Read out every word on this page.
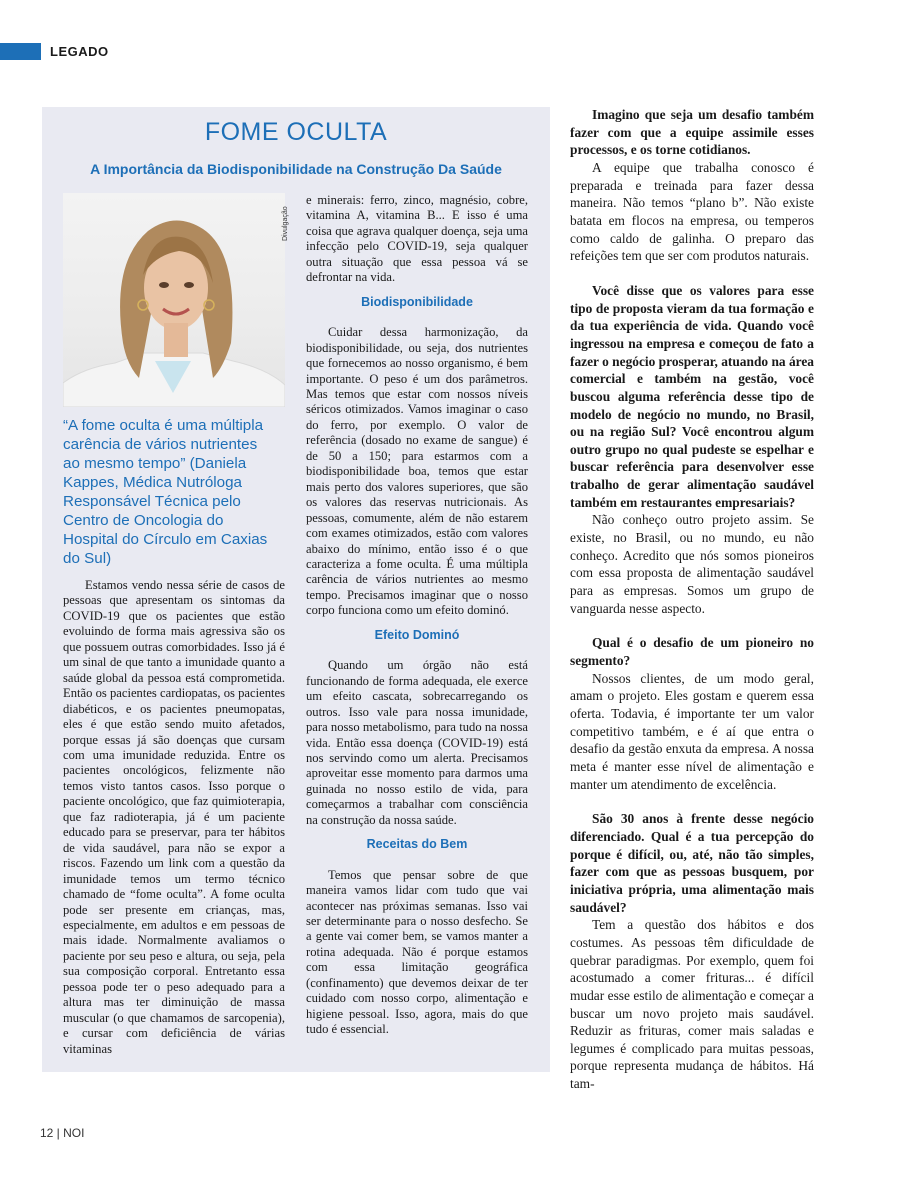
LEGADO
FOME OCULTA
A Importância da Biodisponibilidade na Construção Da Saúde
Divulgação
“A fome oculta é uma múltipla carência de vários nutrientes ao mesmo tempo” (Daniela Kappes, Médica Nutróloga Responsável Técnica pelo Centro de Oncologia do Hospital do Círculo em Caxias do Sul)

Estamos vendo nessa série de casos de pessoas que apresentam os sintomas da COVID-19 que os pacientes que estão evoluindo de forma mais agressiva são os que possuem outras comorbidades. Isso já é um sinal de que tanto a imunidade quanto a saúde global da pessoa está comprometida. Então os pacientes cardiopatas, os pacientes diabéticos, e os pacientes pneumopatas, eles é que estão sendo muito afetados, porque essas já são doenças que cursam com uma imunidade reduzida. Entre os pacientes oncológicos, felizmente não temos visto tantos casos. Isso porque o paciente oncológico, que faz quimioterapia, que faz radioterapia, já é um paciente educado para se preservar, para ter hábitos de vida saudável, para não se expor a riscos. Fazendo um link com a questão da imunidade temos um termo técnico chamado de “fome oculta”. A fome oculta pode ser presente em crianças, mas, especialmente, em adultos e em pessoas de mais idade. Normalmente avaliamos o paciente por seu peso e altura, ou seja, pela sua composição corporal. Entretanto essa pessoa pode ter o peso adequado para a altura mas ter diminuição de massa muscular (o que chamamos de sarcopenia), e cursar com deficiência de várias vitaminas

e minerais: ferro, zinco, magnésio, cobre, vitamina A, vitamina B... E isso é uma coisa que agrava qualquer doença, seja uma infecção pelo COVID-19, seja qualquer outra situação que essa pessoa vá se defrontar na vida.

Biodisponibilidade

Cuidar dessa harmonização, da biodisponibilidade, ou seja, dos nutrientes que fornecemos ao nosso organismo, é bem importante. O peso é um dos parâmetros. Mas temos que estar com nossos níveis séricos otimizados. Vamos imaginar o caso do ferro, por exemplo. O valor de referência (dosado no exame de sangue) é de 50 a 150; para estarmos com a biodisponibilidade boa, temos que estar mais perto dos valores superiores, que são os valores das reservas nutricionais. As pessoas, comumente, além de não estarem com exames otimizados, estão com valores abaixo do mínimo, então isso é o que caracteriza a fome oculta. É uma múltipla carência de vários nutrientes ao mesmo tempo. Precisamos imaginar que o nosso corpo funciona como um efeito dominó.

Efeito Dominó

Quando um órgão não está funcionando de forma adequada, ele exerce um efeito cascata, sobrecarregando os outros. Isso vale para nossa imunidade, para nosso metabolismo, para tudo na nossa vida. Então essa doença (COVID-19) está nos servindo como um alerta. Precisamos aproveitar esse momento para darmos uma guinada no nosso estilo de vida, para começarmos a trabalhar com consciência na construção da nossa saúde.

Receitas do Bem

Temos que pensar sobre de que maneira vamos lidar com tudo que vai acontecer nas próximas semanas. Isso vai ser determinante para o nosso desfecho. Se a gente vai comer bem, se vamos manter a rotina adequada. Não é porque estamos com essa limitação geográfica (confinamento) que devemos deixar de ter cuidado com nosso corpo, alimentação e higiene pessoal. Isso, agora, mais do que tudo é essencial.

Imagino que seja um desafio também fazer com que a equipe assimile esses processos, e os torne cotidianos.

A equipe que trabalha conosco é preparada e treinada para fazer dessa maneira. Não temos “plano b”. Não existe batata em flocos na empresa, ou temperos como caldo de galinha. O preparo das refeições tem que ser com produtos naturais.

Você disse que os valores para esse tipo de proposta vieram da tua formação e da tua experiência de vida. Quando você ingressou na empresa e começou de fato a fazer o negócio prosperar, atuando na área comercial e também na gestão, você buscou alguma referência desse tipo de modelo de negócio no mundo, no Brasil, ou na região Sul? Você encontrou algum outro grupo no qual pudeste se espelhar e buscar referência para desenvolver esse trabalho de gerar alimentação saudável também em restaurantes empresariais?

Não conheço outro projeto assim. Se existe, no Brasil, ou no mundo, eu não conheço. Acredito que nós somos pioneiros com essa proposta de alimentação saudável para as empresas. Somos um grupo de vanguarda nesse aspecto.

Qual é o desafio de um pioneiro no segmento?

Nossos clientes, de um modo geral, amam o projeto. Eles gostam e querem essa oferta. Todavia, é importante ter um valor competitivo também, e é aí que entra o desafio da gestão enxuta da empresa. A nossa meta é manter esse nível de alimentação e manter um atendimento de excelência.

São 30 anos à frente desse negócio diferenciado. Qual é a tua percepção do porque é difícil, ou, até, não tão simples, fazer com que as pessoas busquem, por iniciativa própria, uma alimentação mais saudável?

Tem a questão dos hábitos e dos costumes. As pessoas têm dificuldade de quebrar paradigmas. Por exemplo, quem foi acostumado a comer frituras... é difícil mudar esse estilo de alimentação e começar a buscar um novo projeto mais saudável. Reduzir as frituras, comer mais saladas e legumes é complicado para muitas pessoas, porque representa mudança de hábitos. Há tam-

12 | NOI
